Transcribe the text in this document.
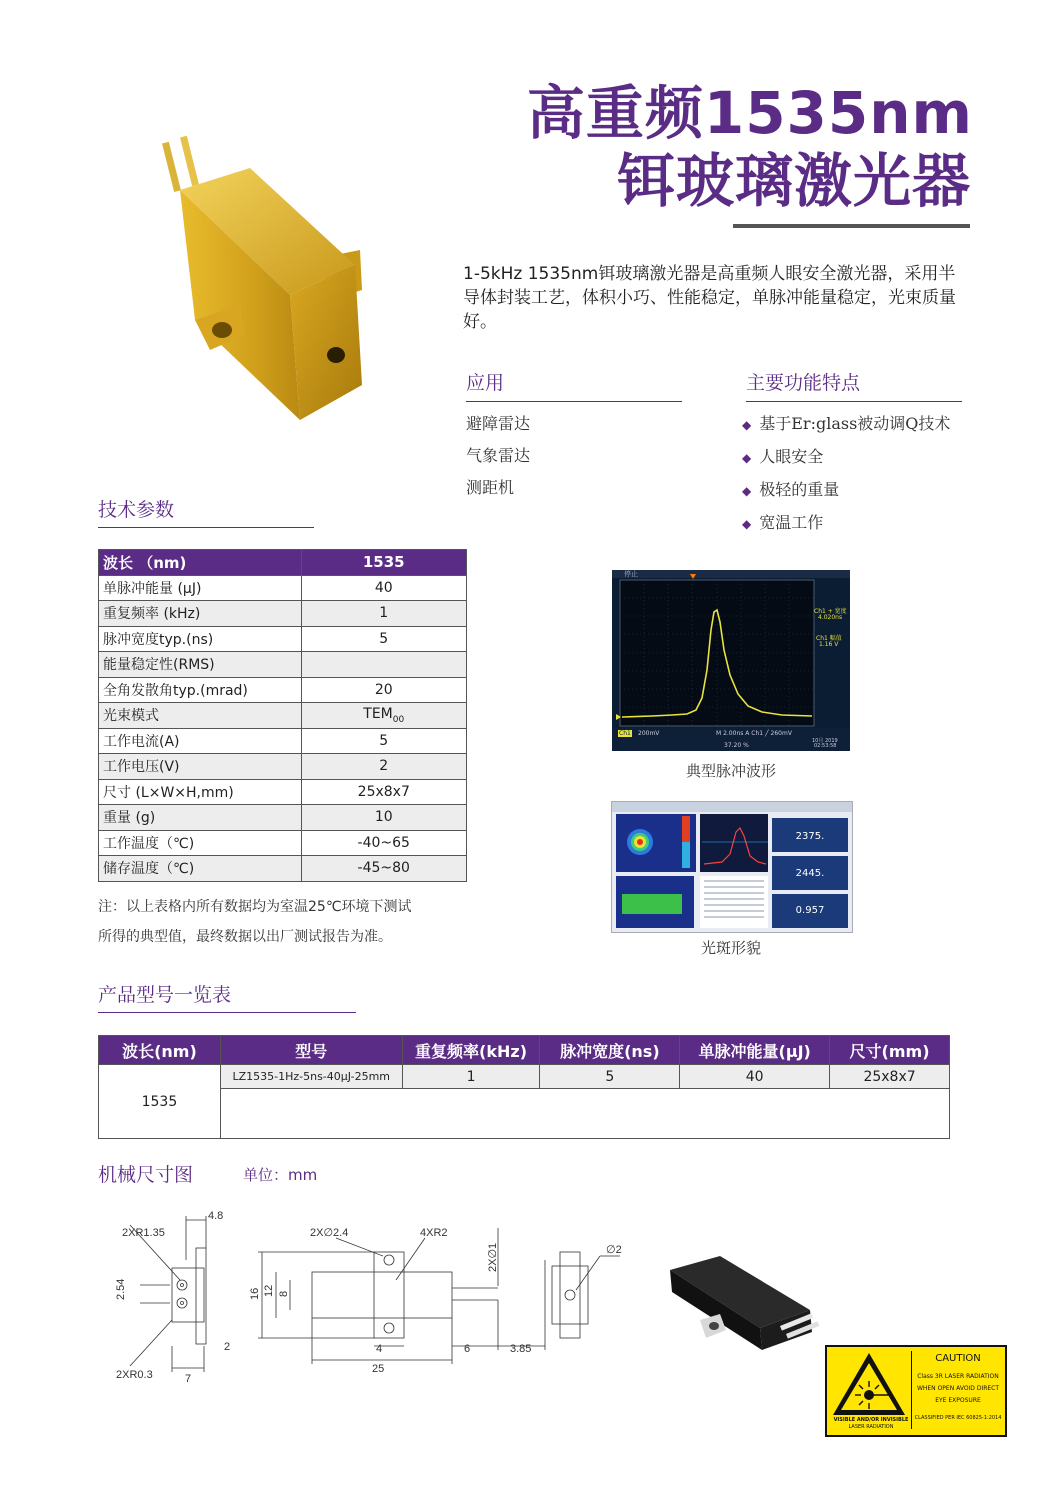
高重频1535nm
铒玻璃激光器
1-5kHz 1535nm铒玻璃激光器是高重频人眼安全激光器，采用半导体封装工艺，体积小巧、性能稳定，单脉冲能量稳定，光束质量好。
应用
避障雷达
气象雷达
测距机
主要功能特点
◆ 基于Er:glass被动调Q技术
◆ 人眼安全
◆ 极轻的重量
◆ 宽温工作
技术参数
波长 （nm)	1535
单脉冲能量 (μJ)	40
重复频率 (kHz)	1
脉冲宽度typ.(ns)	5
能量稳定性(RMS)	
全角发散角typ.(mrad)	20
光束模式	$TEM_{00}$
工作电流(A)	5
工作电压(V)	2
尺寸 (L×W×H,mm)	25x8x7
重量 (g)	10
工作温度（℃)	-40~65
储存温度（℃)	-45~80
注：以上表格内所有数据均为室温25℃环境下测试
所得的典型值，最终数据以出厂测试报告为准。
停止
Ch1 + 宽度
4.020ns
Ch1 幅值
1.16 V
Ch1 200mV	M 2.00ns A Ch1 ╱ 260mV
10月 2019
02:53:58
37.20 %
典型脉冲波形
2375.
2445.
0.957
光斑形貌
产品型号一览表
波长(nm)	型号	重复频率(kHz)	脉冲宽度(ns)	单脉冲能量(μJ)	尺寸(mm)
1535	LZ1535-1Hz-5ns-40μJ-25mm	1	5	40	25x8x7

机械尺寸图	单位：mm
4.8
2XR1.35
2.54
2XR0.3	7
2
2X∅2.4	4XR2
16 12 8
4
25
2X∅1
6	3.85
∅2
VISIBLE AND/OR INVISIBLE
LASER RADIATION
CAUTION
Class 3R LASER RADIATION
WHEN OPEN AVOID DIRECT
EYE EXPOSURE
CLASSIFIED PER IEC 60825-1:2014
